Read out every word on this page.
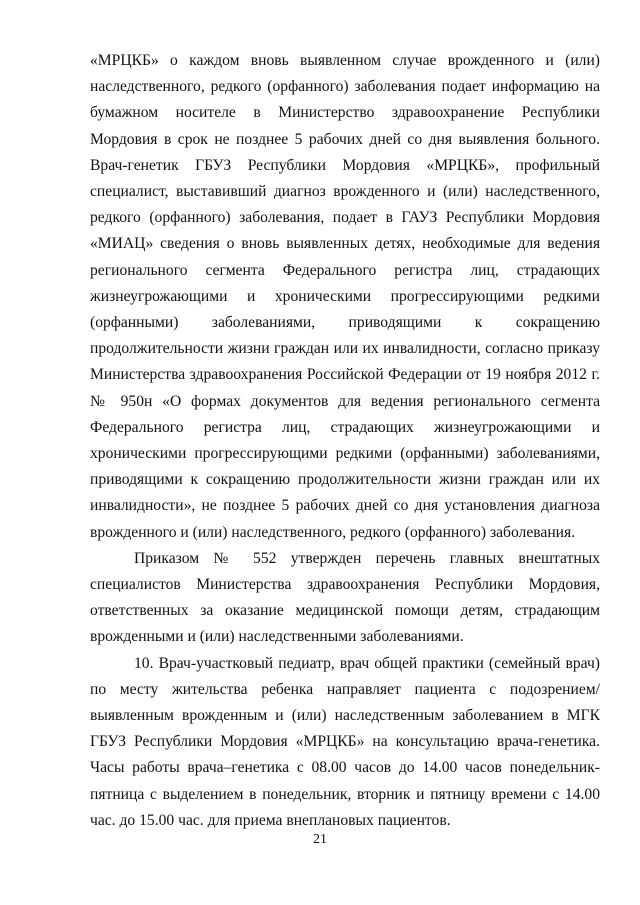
«МРЦКБ» о каждом вновь выявленном случае врожденного и (или) наследственного, редкого (орфанного) заболевания подает информацию на бумажном носителе в Министерство здравоохранение Республики Мордовия в срок не позднее 5 рабочих дней со дня выявления больного. Врач-генетик ГБУЗ Республики Мордовия «МРЦКБ», профильный специалист, выставивший диагноз врожденного и (или) наследственного, редкого (орфанного) заболевания, подает в ГАУЗ Республики Мордовия «МИАЦ» сведения о вновь выявленных детях, необходимые для ведения регионального сегмента Федерального регистра лиц, страдающих жизнеугрожающими и хроническими прогрессирующими редкими (орфанными) заболеваниями, приводящими к сокращению продолжительности жизни граждан или их инвалидности, согласно приказу Министерства здравоохранения Российской Федерации от 19 ноября 2012 г. № 950н «О формах документов для ведения регионального сегмента Федерального регистра лиц, страдающих жизнеугрожающими и хроническими прогрессирующими редкими (орфанными) заболеваниями, приводящими к сокращению продолжительности жизни граждан или их инвалидности», не позднее 5 рабочих дней со дня установления диагноза врожденного и (или) наследственного, редкого (орфанного) заболевания.

Приказом № 552 утвержден перечень главных внештатных специалистов Министерства здравоохранения Республики Мордовия, ответственных за оказание медицинской помощи детям, страдающим врожденными и (или) наследственными заболеваниями.

10. Врач-участковый педиатр, врач общей практики (семейный врач) по месту жительства ребенка направляет пациента с подозрением/выявленным врожденным и (или) наследственным заболеванием в МГК ГБУЗ Республики Мордовия «МРЦКБ» на консультацию врача-генетика. Часы работы врача–генетика с 08.00 часов до 14.00 часов понедельник-пятница с выделением в понедельник, вторник и пятницу времени с 14.00 час. до 15.00 час. для приема внеплановых пациентов.

21
